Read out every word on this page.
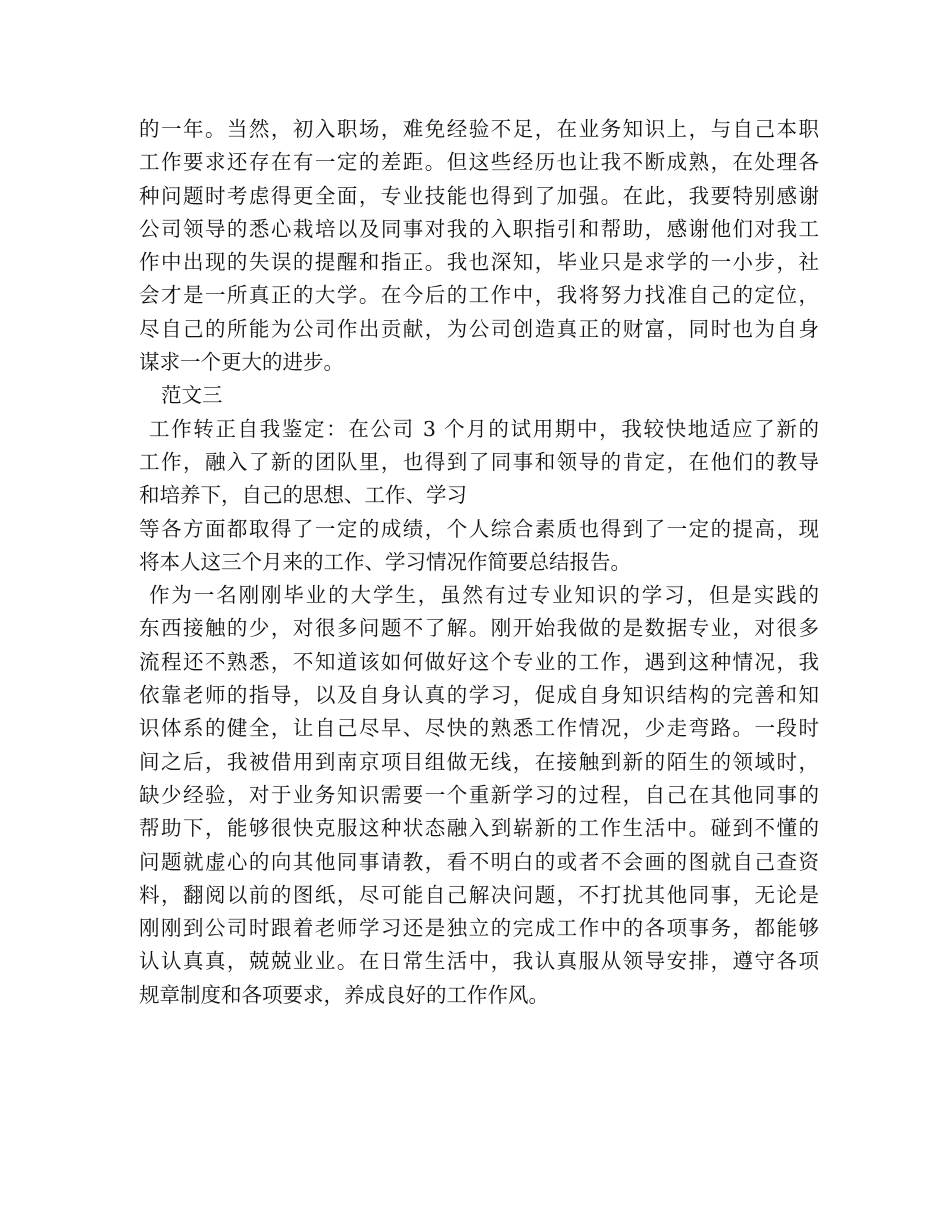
的一年。当然，初入职场，难免经验不足，在业务知识上，与自己本职
工作要求还存在有一定的差距。但这些经历也让我不断成熟，在处理各
种问题时考虑得更全面，专业技能也得到了加强。在此，我要特别感谢
公司领导的悉心栽培以及同事对我的入职指引和帮助，感谢他们对我工
作中出现的失误的提醒和指正。我也深知，毕业只是求学的一小步，社
会才是一所真正的大学。在今后的工作中，我将努力找准自己的定位，
尽自己的所能为公司作出贡献，为公司创造真正的财富，同时也为自身
谋求一个更大的进步。
范文三
工作转正自我鉴定：在公司 3 个月的试用期中，我较快地适应了新的
工作，融入了新的团队里，也得到了同事和领导的肯定，在他们的教导
和培养下，自己的思想、工作、学习
等各方面都取得了一定的成绩，个人综合素质也得到了一定的提高，现
将本人这三个月来的工作、学习情况作简要总结报告。
作为一名刚刚毕业的大学生，虽然有过专业知识的学习，但是实践的
东西接触的少，对很多问题不了解。刚开始我做的是数据专业，对很多
流程还不熟悉，不知道该如何做好这个专业的工作，遇到这种情况，我
依靠老师的指导，以及自身认真的学习，促成自身知识结构的完善和知
识体系的健全，让自己尽早、尽快的熟悉工作情况，少走弯路。一段时
间之后，我被借用到南京项目组做无线，在接触到新的陌生的领域时，
缺少经验，对于业务知识需要一个重新学习的过程，自己在其他同事的
帮助下，能够很快克服这种状态融入到崭新的工作生活中。碰到不懂的
问题就虚心的向其他同事请教，看不明白的或者不会画的图就自己查资
料，翻阅以前的图纸，尽可能自己解决问题，不打扰其他同事，无论是
刚刚到公司时跟着老师学习还是独立的完成工作中的各项事务，都能够
认认真真，兢兢业业。在日常生活中，我认真服从领导安排，遵守各项
规章制度和各项要求，养成良好的工作作风。
